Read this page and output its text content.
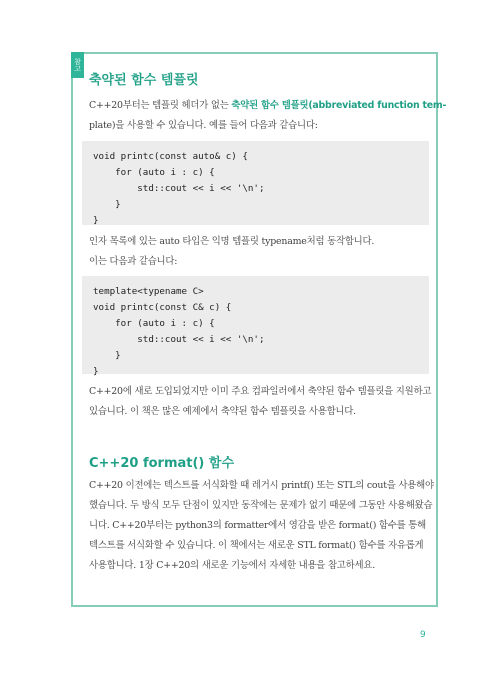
참고
축약된 함수 템플릿

C++20부터는 템플릿 헤더가 없는 축약된 함수 템플릿(abbreviated function tem-
plate)을 사용할 수 있습니다. 예를 들어 다음과 같습니다:

void printc(const auto& c) {
for (auto i : c) {
std::cout << i << '\n';
}
}

인자 목록에 있는 auto 타입은 익명 템플릿 typename처럼 동작합니다.
이는 다음과 같습니다:

template<typename C>
void printc(const C& c) {
for (auto i : c) {
std::cout << i << '\n';
}
}

C++20에 새로 도입되었지만 이미 주요 컴파일러에서 축약된 함수 템플릿을 지원하고
있습니다. 이 책은 많은 예제에서 축약된 함수 템플릿을 사용합니다.

C++20 format() 함수

C++20 이전에는 텍스트를 서식화할 때 레거시 printf() 또는 STL의 cout을 사용해야
했습니다. 두 방식 모두 단점이 있지만 동작에는 문제가 없기 때문에 그동안 사용해왔습
니다. C++20부터는 python3의 formatter에서 영감을 받은 format() 함수를 통해
텍스트를 서식화할 수 있습니다. 이 책에서는 새로운 STL format() 함수를 자유롭게
사용합니다. 1장 C++20의 새로운 기능에서 자세한 내용을 참고하세요.

9
